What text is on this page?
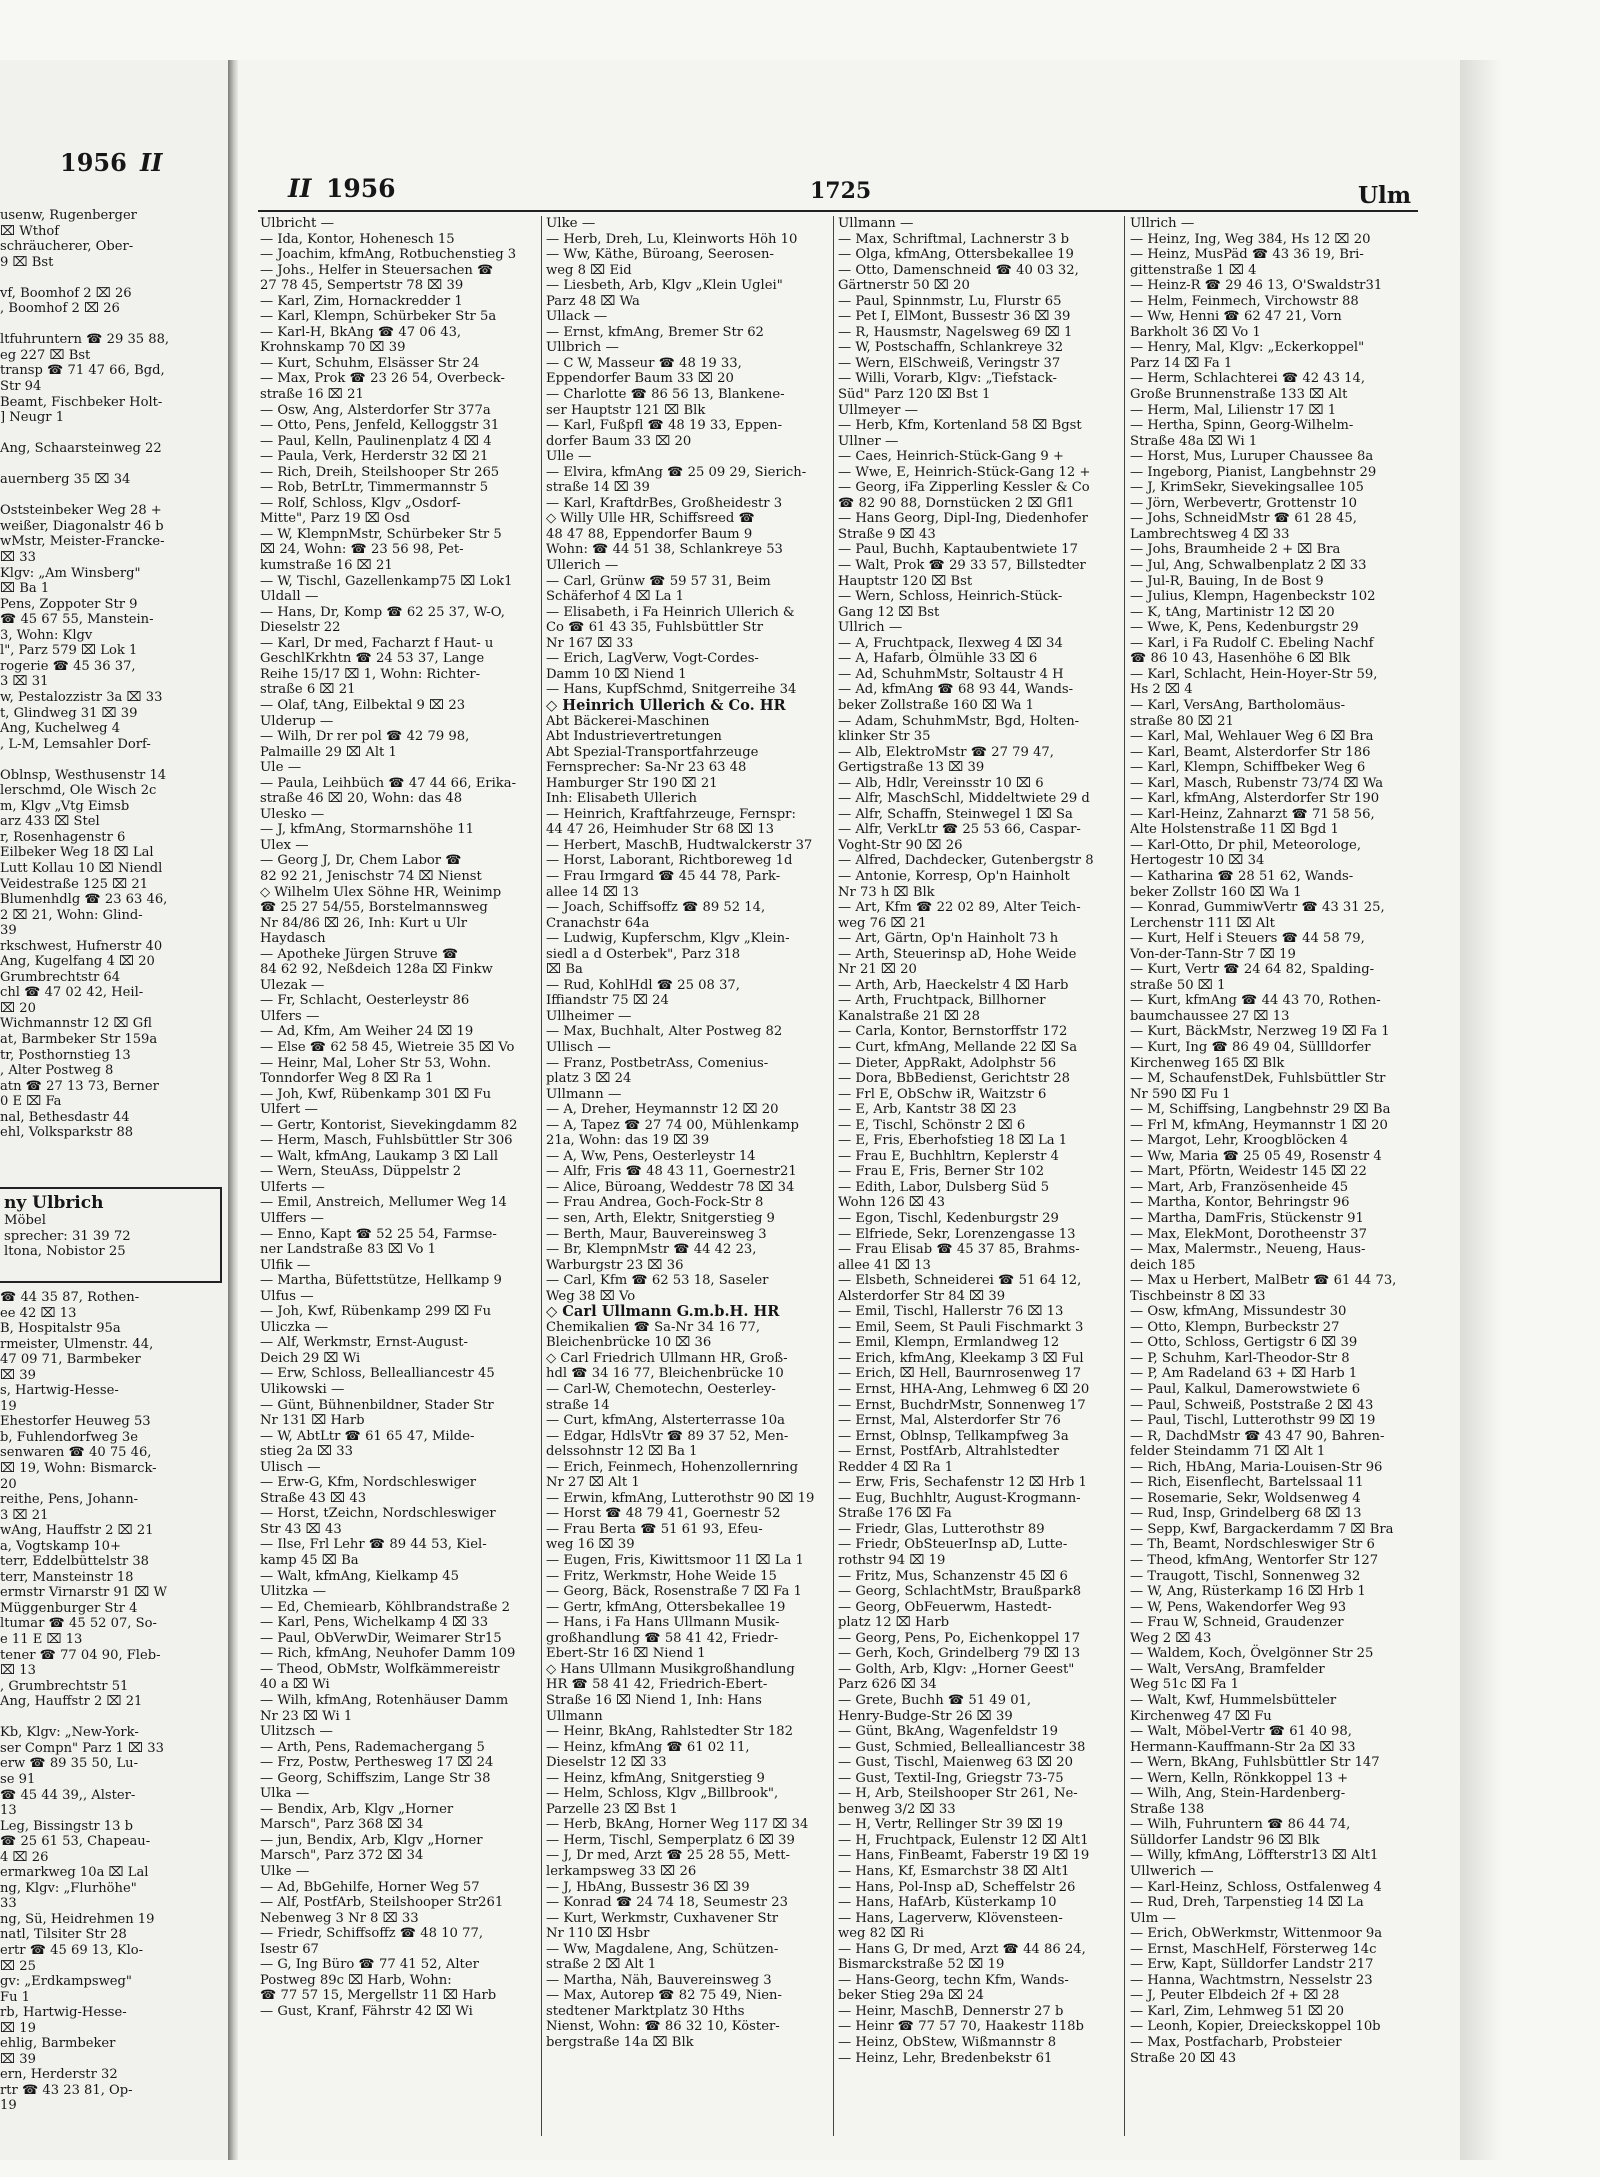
1956 II
usenw, Rugenberger
⌧ Wthof
schräucherer, Ober-
9 ⌧ Bst
vf, Boomhof 2 ⌧ 26
, Boomhof 2 ⌧ 26
ltfuhruntern ☎ 29 35 88,
eg 227 ⌧ Bst
transp ☎ 71 47 66, Bgd,
Str 94
Beamt, Fischbeker Holt-
] Neugr 1
Ang, Schaarsteinweg 22
auernberg 35 ⌧ 34
Oststeinbeker Weg 28 +
weißer, Diagonalstr 46 b
wMstr, Meister-Francke-
⌧ 33
Klgv: „Am Winsberg"
⌧ Ba 1
Pens, Zoppoter Str 9
☎ 45 67 55, Manstein-
3, Wohn: Klgv
l", Parz 579 ⌧ Lok 1
rogerie ☎ 45 36 37,
3 ⌧ 31
w, Pestalozzistr 3a ⌧ 33
t, Glindweg 31 ⌧ 39
Ang, Kuchelweg 4
, L-M, Lemsahler Dorf-
Oblnsp, Westhusenstr 14
lerschmd, Ole Wisch 2c
m, Klgv „Vtg Eimsb
arz 433 ⌧ Stel
r, Rosenhagenstr 6
Eilbeker Weg 18 ⌧ Lal
Lutt Kollau 10 ⌧ Niendl
Veidestraße 125 ⌧ 21
Blumenhdlg ☎ 23 63 46,
2 ⌧ 21, Wohn: Glind-
39
rkschwest, Hufnerstr 40
Ang, Kugelfang 4 ⌧ 20
Grumbrechtstr 64
chl ☎ 47 02 42, Heil-
⌧ 20
Wichmannstr 12 ⌧ Gfl
at, Barmbeker Str 159a
tr, Posthornstieg 13
, Alter Postweg 8
atn ☎ 27 13 73, Berner
0 E ⌧ Fa
nal, Bethesdastr 44
ehl, Volksparkstr 88
ny Ulbrich
Möbel
sprecher: 31 39 72
ltona, Nobistor 25
☎ 44 35 87, Rothen-
ee 42 ⌧ 13
B, Hospitalstr 95a
rmeister, Ulmenstr. 44,
47 09 71, Barmbeker
⌧ 39
s, Hartwig-Hesse-
19
Ehestorfer Heuweg 53
b, Fuhlendorfweg 3e
senwaren ☎ 40 75 46,
⌧ 19, Wohn: Bismarck-
20
reithe, Pens, Johann-
3 ⌧ 21
wAng, Hauffstr 2 ⌧ 21
a, Vogtskamp 10+
terr, Eddelbüttelstr 38
terr, Mansteinstr 18
ermstr Virnarstr 91 ⌧ W
Müggenburger Str 4
ltumar ☎ 45 52 07, So-
e 11 E ⌧ 13
tener ☎ 77 04 90, Fleb-
⌧ 13
, Grumbrechtstr 51
Ang, Hauffstr 2 ⌧ 21
Kb, Klgv: „New-York-
ser Compn" Parz 1 ⌧ 33
erw ☎ 89 35 50, Lu-
se 91
☎ 45 44 39,, Alster-
13
Leg, Bissingstr 13 b
☎ 25 61 53, Chapeau-
4 ⌧ 26
ermarkweg 10a ⌧ Lal
ng, Klgv: „Flurhöhe"
33
ng, Sü, Heidrehmen 19
natl, Tilsiter Str 28
ertr ☎ 45 69 13, Klo-
⌧ 25
gv: „Erdkampsweg"
Fu 1
rb, Hartwig-Hesse-
⌧ 19
ehlig, Barmbeker
⌧ 39
ern, Herderstr 32
rtr ☎ 43 23 81, Op-
19
II 1956	1725	Ulm
Ulbricht —
— Ida, Kontor, Hohenesch 15
— Joachim, kfmAng, Rotbuchenstieg 3
— Johs., Helfer in Steuersachen ☎
27 78 45, Sempertstr 78 ⌧ 39
— Karl, Zim, Hornackredder 1
— Karl, Klempn, Schürbeker Str 5a
— Karl-H, BkAng ☎ 47 06 43,
Krohnskamp 70 ⌧ 39
— Kurt, Schuhm, Elsässer Str 24
— Max, Prok ☎ 23 26 54, Overbeck-
straße 16 ⌧ 21
— Osw, Ang, Alsterdorfer Str 377a
— Otto, Pens, Jenfeld, Kelloggstr 31
— Paul, Kelln, Paulinenplatz 4 ⌧ 4
— Paula, Verk, Herderstr 32 ⌧ 21
— Rich, Dreih, Steilshooper Str 265
— Rob, BetrLtr, Timmermannstr 5
— Rolf, Schloss, Klgv „Osdorf-
Mitte", Parz 19 ⌧ Osd
— W, KlempnMstr, Schürbeker Str 5
⌧ 24, Wohn: ☎ 23 56 98, Pet-
kumstraße 16 ⌧ 21
— W, Tischl, Gazellenkamp75 ⌧ Lok1
Uldall —
— Hans, Dr, Komp ☎ 62 25 37, W-O,
Dieselstr 22
— Karl, Dr med, Facharzt f Haut- u
GeschlKrkhtn ☎ 24 53 37, Lange
Reihe 15/17 ⌧ 1, Wohn: Richter-
straße 6 ⌧ 21
— Olaf, tAng, Eilbektal 9 ⌧ 23
Ulderup —
— Wilh, Dr rer pol ☎ 42 79 98,
Palmaille 29 ⌧ Alt 1
Ule —
— Paula, Leihbüch ☎ 47 44 66, Erika-
straße 46 ⌧ 20, Wohn: das 48
Ulesko —
— J, kfmAng, Stormarnshöhe 11
Ulex —
— Georg J, Dr, Chem Labor ☎
82 92 21, Jenischstr 74 ⌧ Nienst
◇ Wilhelm Ulex Söhne HR, Weinimp
☎ 25 27 54/55, Borstelmannsweg
Nr 84/86 ⌧ 26, Inh: Kurt u Ulr
Haydasch
— Apotheke Jürgen Struve ☎
84 62 92, Neßdeich 128a ⌧ Finkw
Ulezak —
— Fr, Schlacht, Oesterleystr 86
Ulfers —
— Ad, Kfm, Am Weiher 24 ⌧ 19
— Else ☎ 62 58 45, Wietreie 35 ⌧ Vo
— Heinr, Mal, Loher Str 53, Wohn.
Tonndorfer Weg 8 ⌧ Ra 1
— Joh, Kwf, Rübenkamp 301 ⌧ Fu
Ulfert —
— Gertr, Kontorist, Sievekingdamm 82
— Herm, Masch, Fuhlsbüttler Str 306
— Walt, kfmAng, Laukamp 3 ⌧ Lall
— Wern, SteuAss, Düppelstr 2
Ulferts —
— Emil, Anstreich, Mellumer Weg 14
Ulffers —
— Enno, Kapt ☎ 52 25 54, Farmse-
ner Landstraße 83 ⌧ Vo 1
Ulfik —
— Martha, Büfettstütze, Hellkamp 9
Ulfus —
— Joh, Kwf, Rübenkamp 299 ⌧ Fu
Uliczka —
— Alf, Werkmstr, Ernst-August-
Deich 29 ⌧ Wi
— Erw, Schloss, Bellealliancestr 45
Ulikowski —
— Günt, Bühnenbildner, Stader Str
Nr 131 ⌧ Harb
— W, AbtLtr ☎ 61 65 47, Milde-
stieg 2a ⌧ 33
Ulisch —
— Erw-G, Kfm, Nordschleswiger
Straße 43 ⌧ 43
— Horst, tZeichn, Nordschleswiger
Str 43 ⌧ 43
— Ilse, Frl Lehr ☎ 89 44 53, Kiel-
kamp 45 ⌧ Ba
— Walt, kfmAng, Kielkamp 45
Ulitzka —
— Ed, Chemiearb, Köhlbrandstraße 2
— Karl, Pens, Wichelkamp 4 ⌧ 33
— Paul, ObVerwDir, Weimarer Str15
— Rich, kfmAng, Neuhofer Damm 109
— Theod, ObMstr, Wolfkämmereistr
40 a ⌧ Wi
— Wilh, kfmAng, Rotenhäuser Damm
Nr 23 ⌧ Wi 1
Ulitzsch —
— Arth, Pens, Rademachergang 5
— Frz, Postw, Perthesweg 17 ⌧ 24
— Georg, Schiffszim, Lange Str 38
Ulka —
— Bendix, Arb, Klgv „Horner
Marsch", Parz 368 ⌧ 34
— jun, Bendix, Arb, Klgv „Horner
Marsch", Parz 372 ⌧ 34
Ulke —
— Ad, BbGehilfe, Horner Weg 57
— Alf, PostfArb, Steilshooper Str261
Nebenweg 3 Nr 8 ⌧ 33
— Friedr, Schiffsoffz ☎ 48 10 77,
Isestr 67
— G, Ing Büro ☎ 77 41 52, Alter
Postweg 89c ⌧ Harb, Wohn:
☎ 77 57 15, Mergellstr 11 ⌧ Harb
— Gust, Kranf, Fährstr 42 ⌧ Wi
Ulke —
— Herb, Dreh, Lu, Kleinworts Höh 10
— Ww, Käthe, Büroang, Seerosen-
weg 8 ⌧ Eid
— Liesbeth, Arb, Klgv „Klein Uglei"
Parz 48 ⌧ Wa
Ullack —
— Ernst, kfmAng, Bremer Str 62
Ullbrich —
— C W, Masseur ☎ 48 19 33,
Eppendorfer Baum 33 ⌧ 20
— Charlotte ☎ 86 56 13, Blankene-
ser Hauptstr 121 ⌧ Blk
— Karl, Fußpfl ☎ 48 19 33, Eppen-
dorfer Baum 33 ⌧ 20
Ulle —
— Elvira, kfmAng ☎ 25 09 29, Sierich-
straße 14 ⌧ 39
— Karl, KraftdrBes, Großheidestr 3
◇ Willy Ulle HR, Schiffsreed ☎
48 47 88, Eppendorfer Baum 9
Wohn: ☎ 44 51 38, Schlankreye 53
Ullerich —
— Carl, Grünw ☎ 59 57 31, Beim
Schäferhof 4 ⌧ La 1
— Elisabeth, i Fa Heinrich Ullerich &
Co ☎ 61 43 35, Fuhlsbüttler Str
Nr 167 ⌧ 33
— Erich, LagVerw, Vogt-Cordes-
Damm 10 ⌧ Niend 1
— Hans, KupfSchmd, Snitgerreihe 34
◇ Heinrich Ullerich & Co. HR
Abt Bäckerei-Maschinen
Abt Industrievertretungen
Abt Spezial-Transportfahrzeuge
Fernsprecher: Sa-Nr 23 63 48
Hamburger Str 190 ⌧ 21
Inh: Elisabeth Ullerich
— Heinrich, Kraftfahrzeuge, Fernspr:
44 47 26, Heimhuder Str 68 ⌧ 13
— Herbert, MaschB, Hudtwalckerstr 37
— Horst, Laborant, Richtboreweg 1d
— Frau Irmgard ☎ 45 44 78, Park-
allee 14 ⌧ 13
— Joach, Schiffsoffz ☎ 89 52 14,
Cranachstr 64a
— Ludwig, Kupferschm, Klgv „Klein-
siedl a d Osterbek", Parz 318
⌧ Ba
— Rud, KohlHdl ☎ 25 08 37,
Iffiandstr 75 ⌧ 24
Ullheimer —
— Max, Buchhalt, Alter Postweg 82
Ullisch —
— Franz, PostbetrAss, Comenius-
platz 3 ⌧ 24
Ullmann —
— A, Dreher, Heymannstr 12 ⌧ 20
— A, Tapez ☎ 27 74 00, Mühlenkamp
21a, Wohn: das 19 ⌧ 39
— A, Ww, Pens, Oesterleystr 14
— Alfr, Fris ☎ 48 43 11, Goernestr21
— Alice, Büroang, Weddestr 78 ⌧ 34
— Frau Andrea, Goch-Fock-Str 8
— sen, Arth, Elektr, Snitgerstieg 9
— Berth, Maur, Bauvereinsweg 3
— Br, KlempnMstr ☎ 44 42 23,
Warburgstr 23 ⌧ 36
— Carl, Kfm ☎ 62 53 18, Saseler
Weg 38 ⌧ Vo
◇ Carl Ullmann G.m.b.H. HR
Chemikalien ☎ Sa-Nr 34 16 77,
Bleichenbrücke 10 ⌧ 36
◇ Carl Friedrich Ullmann HR, Groß-
hdl ☎ 34 16 77, Bleichenbrücke 10
— Carl-W, Chemotechn, Oesterley-
straße 14
— Curt, kfmAng, Alsterterrasse 10a
— Edgar, HdlsVtr ☎ 89 37 52, Men-
delssohnstr 12 ⌧ Ba 1
— Erich, Feinmech, Hohenzollernring
Nr 27 ⌧ Alt 1
— Erwin, kfmAng, Lutterothstr 90 ⌧ 19
— Horst ☎ 48 79 41, Goernestr 52
— Frau Berta ☎ 51 61 93, Efeu-
weg 16 ⌧ 39
— Eugen, Fris, Kiwittsmoor 11 ⌧ La 1
— Fritz, Werkmstr, Hohe Weide 15
— Georg, Bäck, Rosenstraße 7 ⌧ Fa 1
— Gertr, kfmAng, Ottersbekallee 19
— Hans, i Fa Hans Ullmann Musik-
großhandlung ☎ 58 41 42, Friedr-
Ebert-Str 16 ⌧ Niend 1
◇ Hans Ullmann Musikgroßhandlung
HR ☎ 58 41 42, Friedrich-Ebert-
Straße 16 ⌧ Niend 1, Inh: Hans
Ullmann
— Heinr, BkAng, Rahlstedter Str 182
— Heinz, kfmAng ☎ 61 02 11,
Dieselstr 12 ⌧ 33
— Heinz, kfmAng, Snitgerstieg 9
— Helm, Schloss, Klgv „Billbrook",
Parzelle 23 ⌧ Bst 1
— Herb, BkAng, Horner Weg 117 ⌧ 34
— Herm, Tischl, Semperplatz 6 ⌧ 39
— J, Dr med, Arzt ☎ 25 28 55, Mett-
lerkampsweg 33 ⌧ 26
— J, HbAng, Bussestr 36 ⌧ 39
— Konrad ☎ 24 74 18, Seumestr 23
— Kurt, Werkmstr, Cuxhavener Str
Nr 110 ⌧ Hsbr
— Ww, Magdalene, Ang, Schützen-
straße 2 ⌧ Alt 1
— Martha, Näh, Bauvereinsweg 3
— Max, Autorep ☎ 82 75 49, Nien-
stedtener Marktplatz 30 Hths
Nienst, Wohn: ☎ 86 32 10, Köster-
bergstraße 14a ⌧ Blk
Ullmann —
— Max, Schriftmal, Lachnerstr 3 b
— Olga, kfmAng, Ottersbekallee 19
— Otto, Damenschneid ☎ 40 03 32,
Gärtnerstr 50 ⌧ 20
— Paul, Spinnmstr, Lu, Flurstr 65
— Pet I, ElMont, Bussestr 36 ⌧ 39
— R, Hausmstr, Nagelsweg 69 ⌧ 1
— W, Postschaffn, Schlankreye 32
— Wern, ElSchweiß, Veringstr 37
— Willi, Vorarb, Klgv: „Tiefstack-
Süd" Parz 120 ⌧ Bst 1
Ullmeyer —
— Herb, Kfm, Kortenland 58 ⌧ Bgst
Ullner —
— Caes, Heinrich-Stück-Gang 9 +
— Wwe, E, Heinrich-Stück-Gang 12 +
— Georg, iFa Zipperling Kessler & Co
☎ 82 90 88, Dornstücken 2 ⌧ Gfl1
— Hans Georg, Dipl-Ing, Diedenhofer
Straße 9 ⌧ 43
— Paul, Buchh, Kaptaubentwiete 17
— Walt, Prok ☎ 29 33 57, Billstedter
Hauptstr 120 ⌧ Bst
— Wern, Schloss, Heinrich-Stück-
Gang 12 ⌧ Bst
Ullrich —
— A, Fruchtpack, Ilexweg 4 ⌧ 34
— A, Hafarb, Ölmühle 33 ⌧ 6
— Ad, SchuhmMstr, Soltaustr 4 H
— Ad, kfmAng ☎ 68 93 44, Wands-
beker Zollstraße 160 ⌧ Wa 1
— Adam, SchuhmMstr, Bgd, Holten-
klinker Str 35
— Alb, ElektroMstr ☎ 27 79 47,
Gertigstraße 13 ⌧ 39
— Alb, Hdlr, Vereinsstr 10 ⌧ 6
— Alfr, MaschSchl, Middeltwiete 29 d
— Alfr, Schaffn, Steinwegel 1 ⌧ Sa
— Alfr, VerkLtr ☎ 25 53 66, Caspar-
Voght-Str 90 ⌧ 26
— Alfred, Dachdecker, Gutenbergstr 8
— Antonie, Korresp, Op'n Hainholt
Nr 73 h ⌧ Blk
— Art, Kfm ☎ 22 02 89, Alter Teich-
weg 76 ⌧ 21
— Art, Gärtn, Op'n Hainholt 73 h
— Arth, Steuerinsp aD, Hohe Weide
Nr 21 ⌧ 20
— Arth, Arb, Haeckelstr 4 ⌧ Harb
— Arth, Fruchtpack, Billhorner
Kanalstraße 21 ⌧ 28
— Carla, Kontor, Bernstorffstr 172
— Curt, kfmAng, Mellande 22 ⌧ Sa
— Dieter, AppRakt, Adolphstr 56
— Dora, BbBedienst, Gerichtstr 28
— Frl E, ObSchw iR, Waitzstr 6
— E, Arb, Kantstr 38 ⌧ 23
— E, Tischl, Schönstr 2 ⌧ 6
— E, Fris, Eberhofstieg 18 ⌧ La 1
— Frau E, Buchhltrn, Keplerstr 4
— Frau E, Fris, Berner Str 102
— Edith, Labor, Dulsberg Süd 5
Wohn 126 ⌧ 43
— Egon, Tischl, Kedenburgstr 29
— Elfriede, Sekr, Lorenzengasse 13
— Frau Elisab ☎ 45 37 85, Brahms-
allee 41 ⌧ 13
— Elsbeth, Schneiderei ☎ 51 64 12,
Alsterdorfer Str 84 ⌧ 39
— Emil, Tischl, Hallerstr 76 ⌧ 13
— Emil, Seem, St Pauli Fischmarkt 3
— Emil, Klempn, Ermlandweg 12
— Erich, kfmAng, Kleekamp 3 ⌧ Ful
— Erich, ⌧ Hell, Baurnrosenweg 17
— Ernst, HHA-Ang, Lehmweg 6 ⌧ 20
— Ernst, BuchdrMstr, Sonnenweg 17
— Ernst, Mal, Alsterdorfer Str 76
— Ernst, Oblnsp, Tellkampfweg 3a
— Ernst, PostfArb, Altrahlstedter
Redder 4 ⌧ Ra 1
— Erw, Fris, Sechafenstr 12 ⌧ Hrb 1
— Eug, Buchhltr, August-Krogmann-
Straße 176 ⌧ Fa
— Friedr, Glas, Lutterothstr 89
— Friedr, ObSteuerInsp aD, Lutte-
rothstr 94 ⌧ 19
— Fritz, Mus, Schanzenstr 45 ⌧ 6
— Georg, SchlachtMstr, Braußpark8
— Georg, ObFeuerwm, Hastedt-
platz 12 ⌧ Harb
— Georg, Pens, Po, Eichenkoppel 17
— Gerh, Koch, Grindelberg 79 ⌧ 13
— Golth, Arb, Klgv: „Horner Geest"
Parz 626 ⌧ 34
— Grete, Buchh ☎ 51 49 01,
Henry-Budge-Str 26 ⌧ 39
— Günt, BkAng, Wagenfeldstr 19
— Gust, Schmied, Bellealliancestr 38
— Gust, Tischl, Maienweg 63 ⌧ 20
— Gust, Textil-Ing, Griegstr 73-75
— H, Arb, Steilshooper Str 261, Ne-
benweg 3/2 ⌧ 33
— H, Vertr, Rellinger Str 39 ⌧ 19
— H, Fruchtpack, Eulenstr 12 ⌧ Alt1
— Hans, FinBeamt, Faberstr 19 ⌧ 19
— Hans, Kf, Esmarchstr 38 ⌧ Alt1
— Hans, Pol-Insp aD, Scheffelstr 26
— Hans, HafArb, Küsterkamp 10
— Hans, Lagerverw, Klövensteen-
weg 82 ⌧ Ri
— Hans G, Dr med, Arzt ☎ 44 86 24,
Bismarckstraße 52 ⌧ 19
— Hans-Georg, techn Kfm, Wands-
beker Stieg 29a ⌧ 24
— Heinr, MaschB, Dennerstr 27 b
— Heinr ☎ 77 57 70, Haakestr 118b
— Heinz, ObStew, Wißmannstr 8
— Heinz, Lehr, Bredenbekstr 61
Ullrich —
— Heinz, Ing, Weg 384, Hs 12 ⌧ 20
— Heinz, MusPäd ☎ 43 36 19, Bri-
gittenstraße 1 ⌧ 4
— Heinz-R ☎ 29 46 13, O'Swaldstr31
— Helm, Feinmech, Virchowstr 88
— Ww, Henni ☎ 62 47 21, Vorn
Barkholt 36 ⌧ Vo 1
— Henry, Mal, Klgv: „Eckerkoppel"
Parz 14 ⌧ Fa 1
— Herm, Schlachterei ☎ 42 43 14,
Große Brunnenstraße 133 ⌧ Alt
— Herm, Mal, Lilienstr 17 ⌧ 1
— Hertha, Spinn, Georg-Wilhelm-
Straße 48a ⌧ Wi 1
— Horst, Mus, Luruper Chaussee 8a
— Ingeborg, Pianist, Langbehnstr 29
— J, KrimSekr, Sievekingsallee 105
— Jörn, Werbevertr, Grottenstr 10
— Johs, SchneidMstr ☎ 61 28 45,
Lambrechtsweg 4 ⌧ 33
— Johs, Braumheide 2 + ⌧ Bra
— Jul, Ang, Schwalbenplatz 2 ⌧ 33
— Jul-R, Bauing, In de Bost 9
— Julius, Klempn, Hagenbeckstr 102
— K, tAng, Martinistr 12 ⌧ 20
— Wwe, K, Pens, Kedenburgstr 29
— Karl, i Fa Rudolf C. Ebeling Nachf
☎ 86 10 43, Hasenhöhe 6 ⌧ Blk
— Karl, Schlacht, Hein-Hoyer-Str 59,
Hs 2 ⌧ 4
— Karl, VersAng, Bartholomäus-
straße 80 ⌧ 21
— Karl, Mal, Wehlauer Weg 6 ⌧ Bra
— Karl, Beamt, Alsterdorfer Str 186
— Karl, Klempn, Schiffbeker Weg 6
— Karl, Masch, Rubenstr 73/74 ⌧ Wa
— Karl, kfmAng, Alsterdorfer Str 190
— Karl-Heinz, Zahnarzt ☎ 71 58 56,
Alte Holstenstraße 11 ⌧ Bgd 1
— Karl-Otto, Dr phil, Meteorologe,
Hertogestr 10 ⌧ 34
— Katharina ☎ 28 51 62, Wands-
beker Zollstr 160 ⌧ Wa 1
— Konrad, GummiwVertr ☎ 43 31 25,
Lerchenstr 111 ⌧ Alt
— Kurt, Helf i Steuers ☎ 44 58 79,
Von-der-Tann-Str 7 ⌧ 19
— Kurt, Vertr ☎ 24 64 82, Spalding-
straße 50 ⌧ 1
— Kurt, kfmAng ☎ 44 43 70, Rothen-
baumchaussee 27 ⌧ 13
— Kurt, BäckMstr, Nerzweg 19 ⌧ Fa 1
— Kurt, Ing ☎ 86 49 04, Süllldorfer
Kirchenweg 165 ⌧ Blk
— M, SchaufenstDek, Fuhlsbüttler Str
Nr 590 ⌧ Fu 1
— M, Schiffsing, Langbehnstr 29 ⌧ Ba
— Frl M, kfmAng, Heymannstr 1 ⌧ 20
— Margot, Lehr, Kroogblöcken 4
— Ww, Maria ☎ 25 05 49, Rosenstr 4
— Mart, Pförtn, Weidestr 145 ⌧ 22
— Mart, Arb, Französenheide 45
— Martha, Kontor, Behringstr 96
— Martha, DamFris, Stückenstr 91
— Max, ElekMont, Dorotheenstr 37
— Max, Malermstr., Neueng, Haus-
deich 185
— Max u Herbert, MalBetr ☎ 61 44 73,
Tischbeinstr 8 ⌧ 33
— Osw, kfmAng, Missundestr 30
— Otto, Klempn, Burbeckstr 27
— Otto, Schloss, Gertigstr 6 ⌧ 39
— P, Schuhm, Karl-Theodor-Str 8
— P, Am Radeland 63 + ⌧ Harb 1
— Paul, Kalkul, Damerowstwiete 6
— Paul, Schweiß, Poststraße 2 ⌧ 43
— Paul, Tischl, Lutterothstr 99 ⌧ 19
— R, DachdMstr ☎ 43 47 90, Bahren-
felder Steindamm 71 ⌧ Alt 1
— Rich, HbAng, Maria-Louisen-Str 96
— Rich, Eisenflecht, Bartelssaal 11
— Rosemarie, Sekr, Woldsenweg 4
— Rud, Insp, Grindelberg 68 ⌧ 13
— Sepp, Kwf, Bargackerdamm 7 ⌧ Bra
— Th, Beamt, Nordschleswiger Str 6
— Theod, kfmAng, Wentorfer Str 127
— Traugott, Tischl, Sonnenweg 32
— W, Ang, Rüsterkamp 16 ⌧ Hrb 1
— W, Pens, Wakendorfer Weg 93
— Frau W, Schneid, Graudenzer
Weg 2 ⌧ 43
— Waldem, Koch, Övelgönner Str 25
— Walt, VersAng, Bramfelder
Weg 51c ⌧ Fa 1
— Walt, Kwf, Hummelsbütteler
Kirchenweg 47 ⌧ Fu
— Walt, Möbel-Vertr ☎ 61 40 98,
Hermann-Kauffmann-Str 2a ⌧ 33
— Wern, BkAng, Fuhlsbüttler Str 147
— Wern, Kelln, Rönkkoppel 13 +
— Wilh, Ang, Stein-Hardenberg-
Straße 138
— Wilh, Fuhruntern ☎ 86 44 74,
Sülldorfer Landstr 96 ⌧ Blk
— Willy, kfmAng, Löffterstr13 ⌧ Alt1
Ullwerich —
— Karl-Heinz, Schloss, Ostfalenweg 4
— Rud, Dreh, Tarpenstieg 14 ⌧ La
Ulm —
— Erich, ObWerkmstr, Wittenmoor 9a
— Ernst, MaschHelf, Försterweg 14c
— Erw, Kapt, Sülldorfer Landstr 217
— Hanna, Wachtmstrn, Nesselstr 23
— J, Peuter Elbdeich 2f + ⌧ 28
— Karl, Zim, Lehmweg 51 ⌧ 20
— Leonh, Kopier, Dreieckskoppel 10b
— Max, Postfacharb, Probsteier
Straße 20 ⌧ 43
